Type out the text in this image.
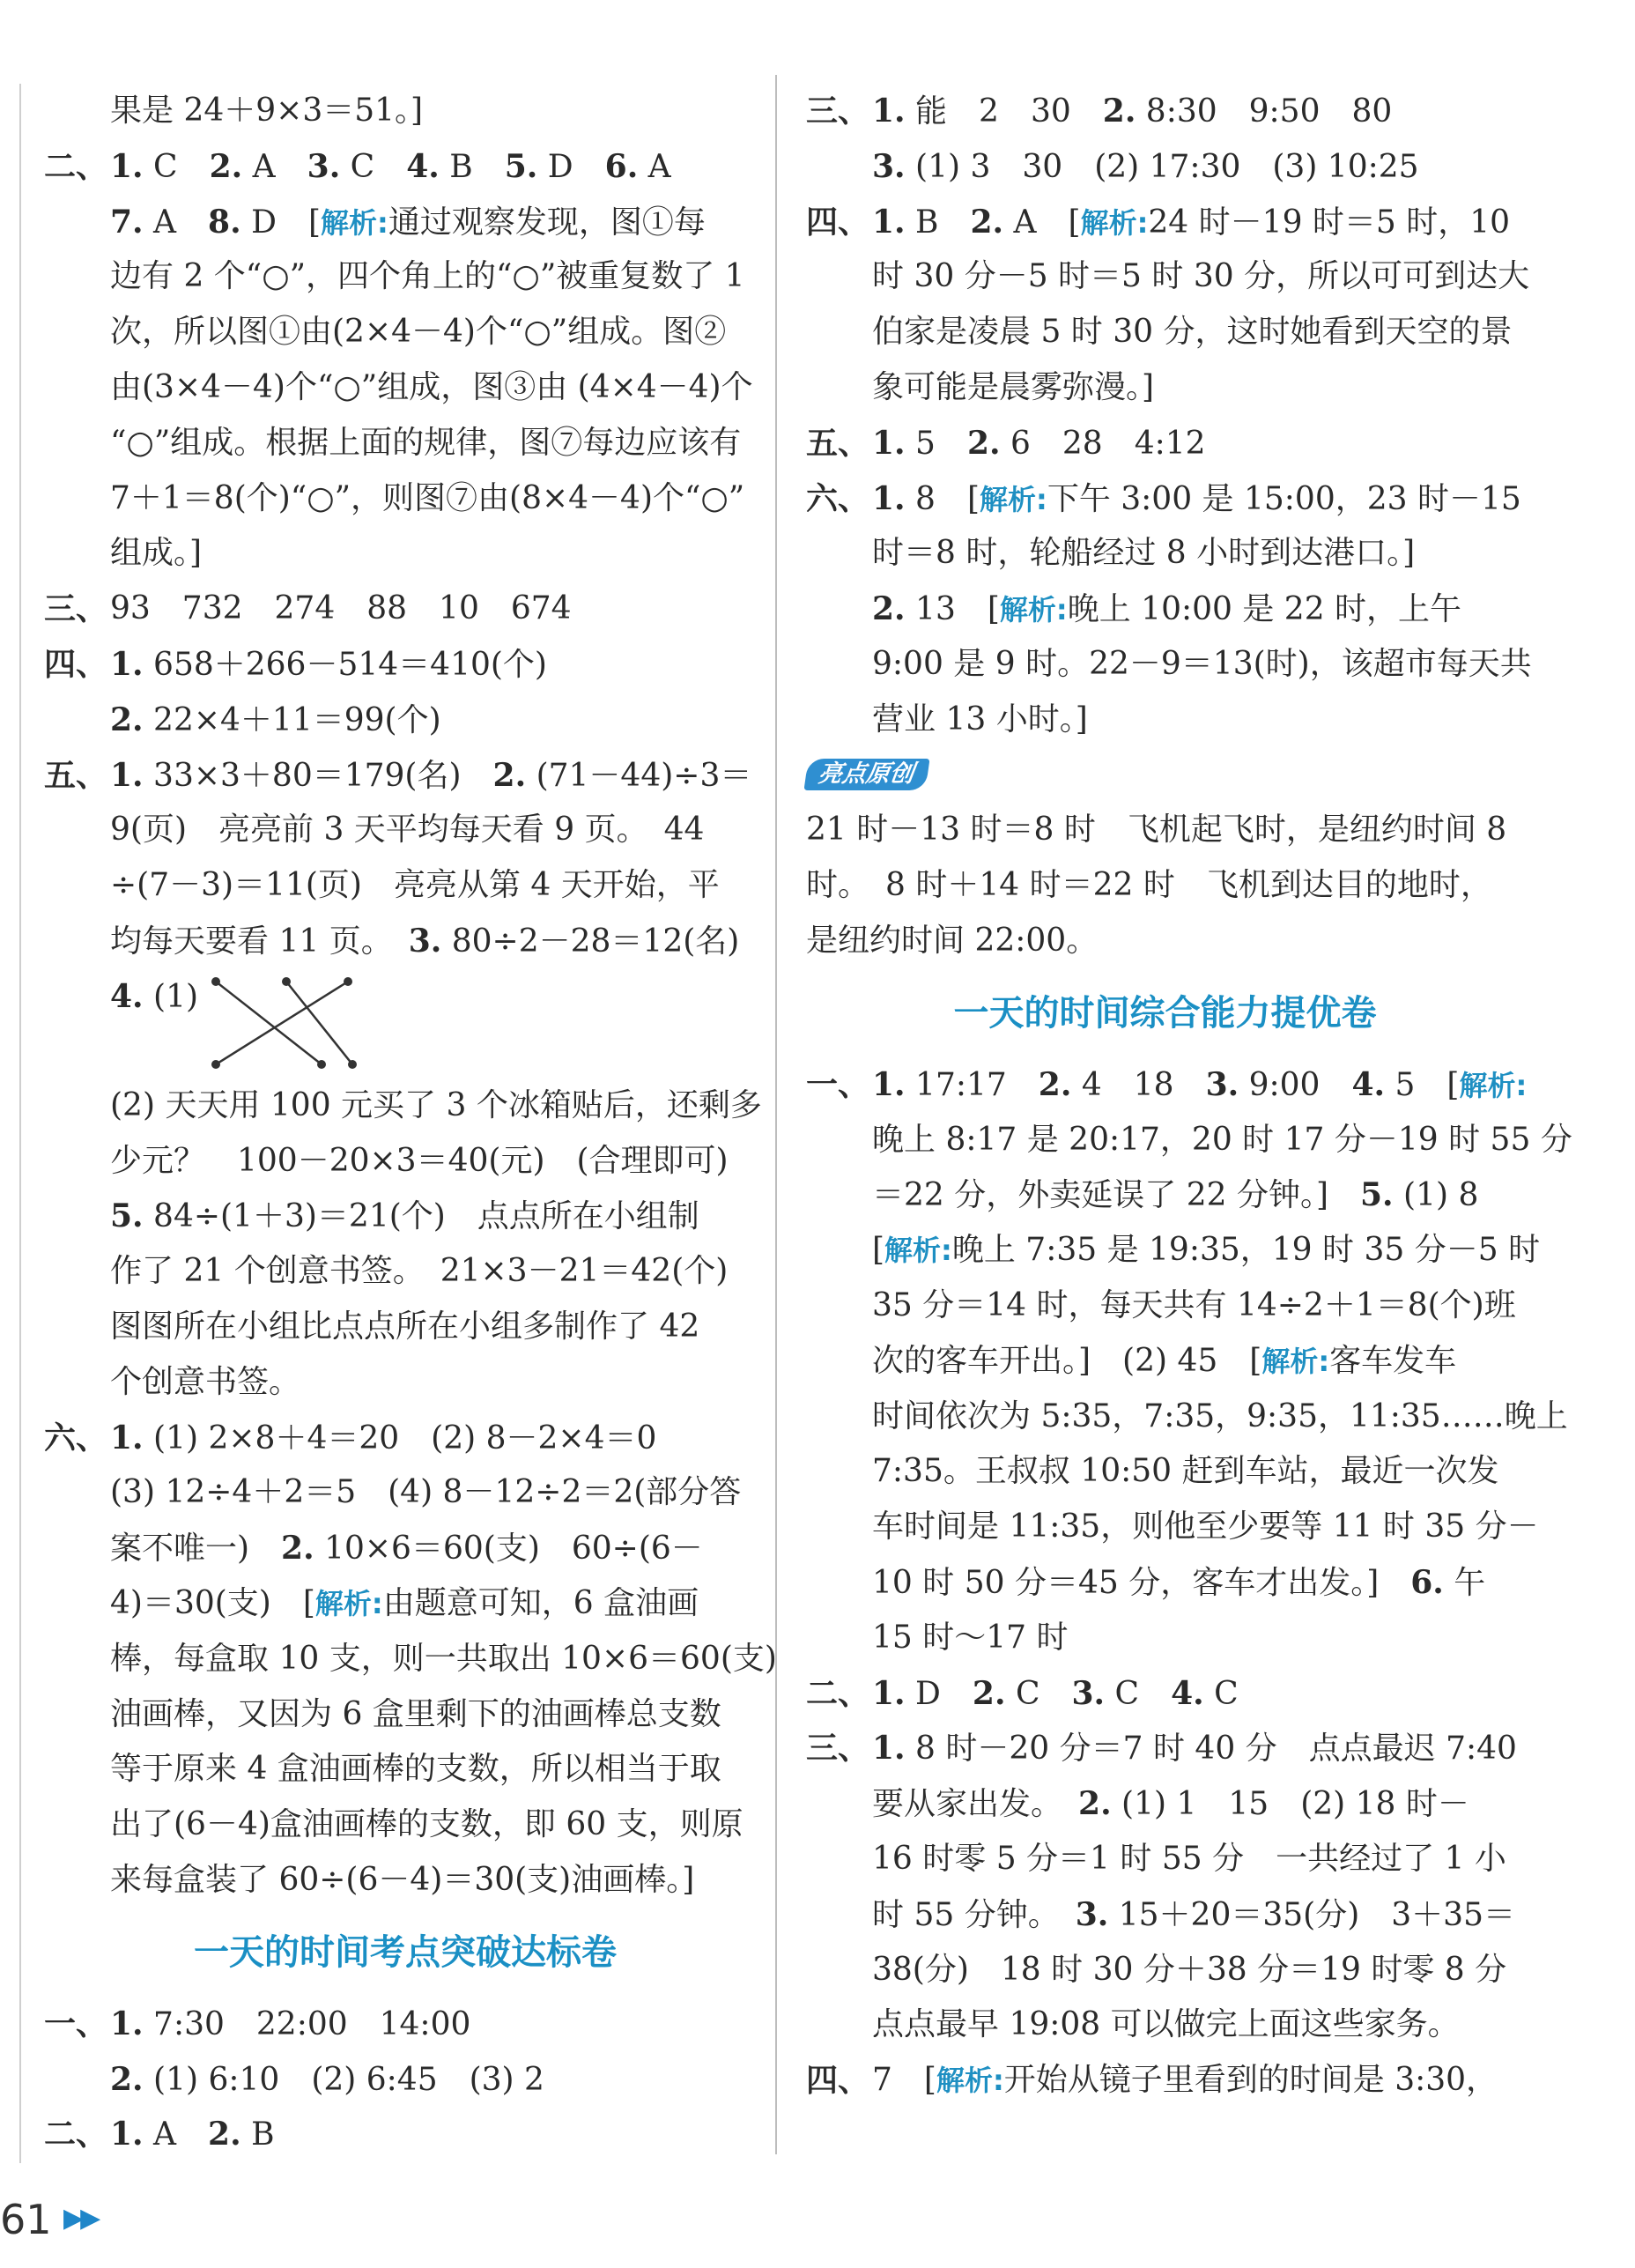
果是 24＋9×3＝51。]
二、 1. C　2. A　3. C　4. B　5. D　6. A
7. A　8. D　[解析:通过观察发现，图①每
边有 2 个“○”，四个角上的“○”被重复数了 1
次，所以图①由(2×4－4)个“○”组成。图②
由(3×4－4)个“○”组成，图③由 (4×4－4)个
“○”组成。根据上面的规律，图⑦每边应该有
7＋1＝8(个)“○”，则图⑦由(8×4－4)个“○”
组成。]
三、 93　732　274　88　10　674
四、 1. 658＋266－514＝410(个)
2. 22×4＋11＝99(个)
五、 1. 33×3＋80＝179(名)　2. (71－44)÷3＝
9(页)　亮亮前 3 天平均每天看 9 页。　44
÷(7－3)＝11(页)　亮亮从第 4 天开始，平
均每天要看 11 页。　3. 80÷2－28＝12(名)
4. (1)
(2) 天天用 100 元买了 3 个冰箱贴后，还剩多
少元？　100－20×3＝40(元)　(合理即可)
5. 84÷(1＋3)＝21(个)　点点所在小组制
作了 21 个创意书签。　21×3－21＝42(个)
图图所在小组比点点所在小组多制作了 42
个创意书签。
六、 1. (1) 2×8＋4＝20　(2) 8－2×4＝0
(3) 12÷4＋2＝5　(4) 8－12÷2＝2(部分答
案不唯一)　2. 10×6＝60(支)　60÷(6－
4)＝30(支)　[解析:由题意可知，6 盒油画
棒，每盒取 10 支，则一共取出 10×6＝60(支)
油画棒，又因为 6 盒里剩下的油画棒总支数
等于原来 4 盒油画棒的支数，所以相当于取
出了(6－4)盒油画棒的支数，即 60 支，则原
来每盒装了 60÷(6－4)＝30(支)油画棒。]
一天的时间考点突破达标卷
一、 1. 7:30　22:00　14:00
2. (1) 6:10　(2) 6:45　(3) 2
二、 1. A　2. B
三、 1. 能　2　30　2. 8:30　9:50　80
3. (1) 3　30　(2) 17:30　(3) 10:25
四、 1. B　2. A　[解析:24 时－19 时＝5 时，10
时 30 分－5 时＝5 时 30 分，所以可可到达大
伯家是凌晨 5 时 30 分，这时她看到天空的景
象可能是晨雾弥漫。]
五、 1. 5　2. 6　28　4:12
六、 1. 8　[解析:下午 3:00 是 15:00，23 时－15
时＝8 时，轮船经过 8 小时到达港口。]
2. 13　[解析:晚上 10:00 是 22 时，上午
9:00 是 9 时。22－9＝13(时)，该超市每天共
营业 13 小时。]
亮点原创
21 时－13 时＝8 时　飞机起飞时，是纽约时间 8
时。　8 时＋14 时＝22 时　飞机到达目的地时，
是纽约时间 22:00。
一天的时间综合能力提优卷
一、 1. 17:17　2. 4　18　3. 9:00　4. 5　[解析:
晚上 8:17 是 20:17，20 时 17 分－19 时 55 分
＝22 分，外卖延误了 22 分钟。]　5. (1) 8
[解析:晚上 7:35 是 19:35，19 时 35 分－5 时
35 分＝14 时，每天共有 14÷2＋1＝8(个)班
次的客车开出。]　(2) 45　[解析:客车发车
时间依次为 5:35，7:35，9:35，11:35……晚上
7:35。王叔叔 10:50 赶到车站，最近一次发
车时间是 11:35，则他至少要等 11 时 35 分－
10 时 50 分＝45 分，客车才出发。]　6. 午
15 时～17 时
二、 1. D　2. C　3. C　4. C
三、 1. 8 时－20 分＝7 时 40 分　点点最迟 7:40
要从家出发。　2. (1) 1　15　(2) 18 时－
16 时零 5 分＝1 时 55 分　一共经过了 1 小
时 55 分钟。　3. 15＋20＝35(分)　3＋35＝
38(分)　18 时 30 分＋38 分＝19 时零 8 分
点点最早 19:08 可以做完上面这些家务。
四、 7　[解析:开始从镜子里看到的时间是 3:30，
61 ▶▶
